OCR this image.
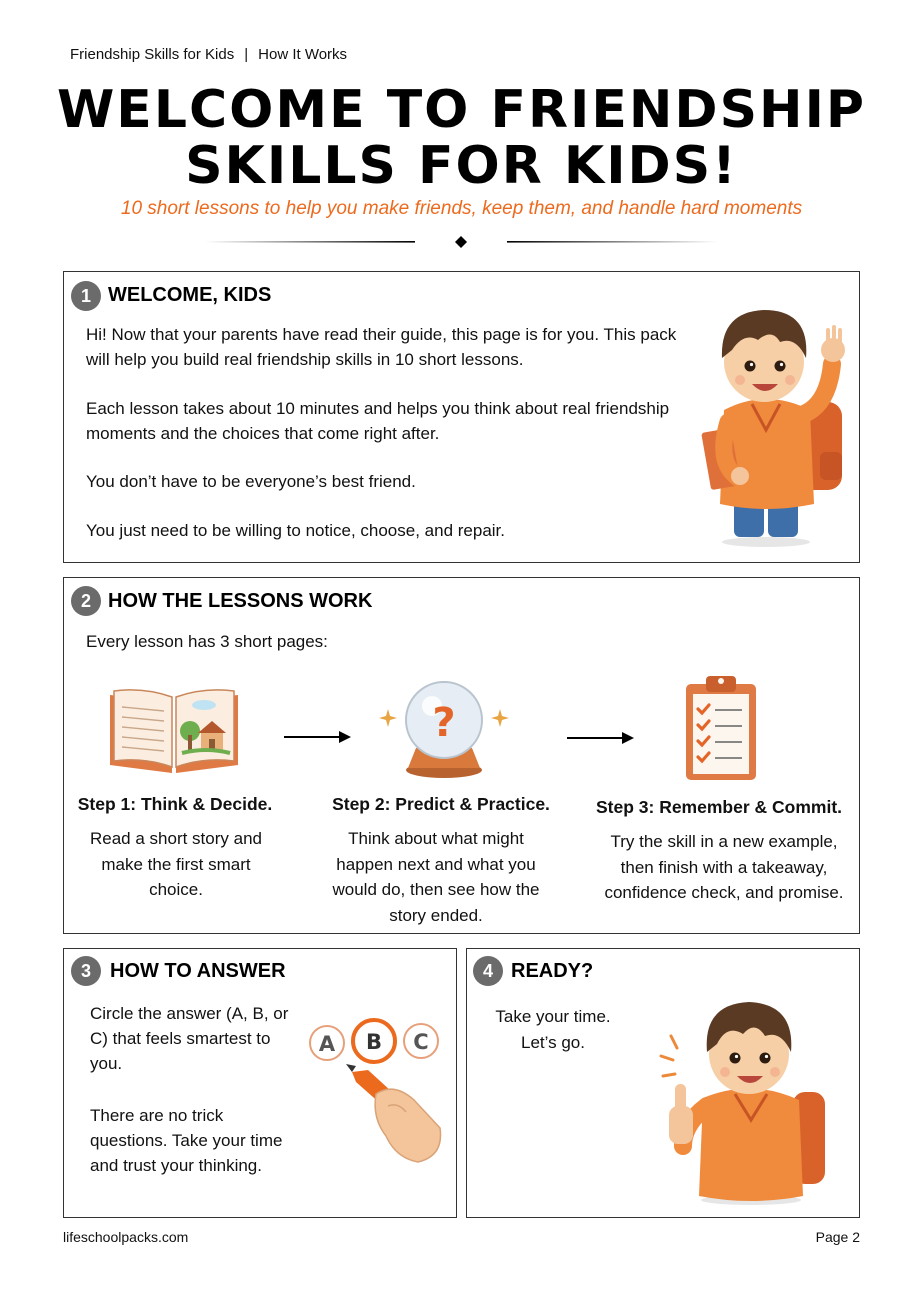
Friendship Skills for Kids | How It Works
WELCOME TO FRIENDSHIP
SKILLS FOR KIDS!
10 short lessons to help you make friends, keep them, and handle hard moments
1 WELCOME, KIDS
Hi! Now that your parents have read their guide, this page is for you. This pack will help you build real friendship skills in 10 short lessons.
Each lesson takes about 10 minutes and helps you think about real friendship moments and the choices that come right after.
You don’t have to be everyone’s best friend.
You just need to be willing to notice, choose, and repair.
2 HOW THE LESSONS WORK
Every lesson has 3 short pages:
?
Step 1: Think & Decide.
Read a short story and make the first smart choice.
Step 2: Predict & Practice.
Think about what might happen next and what you would do, then see how the story ended.
Step 3: Remember & Commit.
Try the skill in a new example, then finish with a takeaway, confidence check, and promise.
3 HOW TO ANSWER
Circle the answer (A, B, or C) that feels smartest to you.
There are no trick questions. Take your time and trust your thinking.
A B C
4 READY?
Take your time.
Let’s go.
lifeschoolpacks.com	Page 2
